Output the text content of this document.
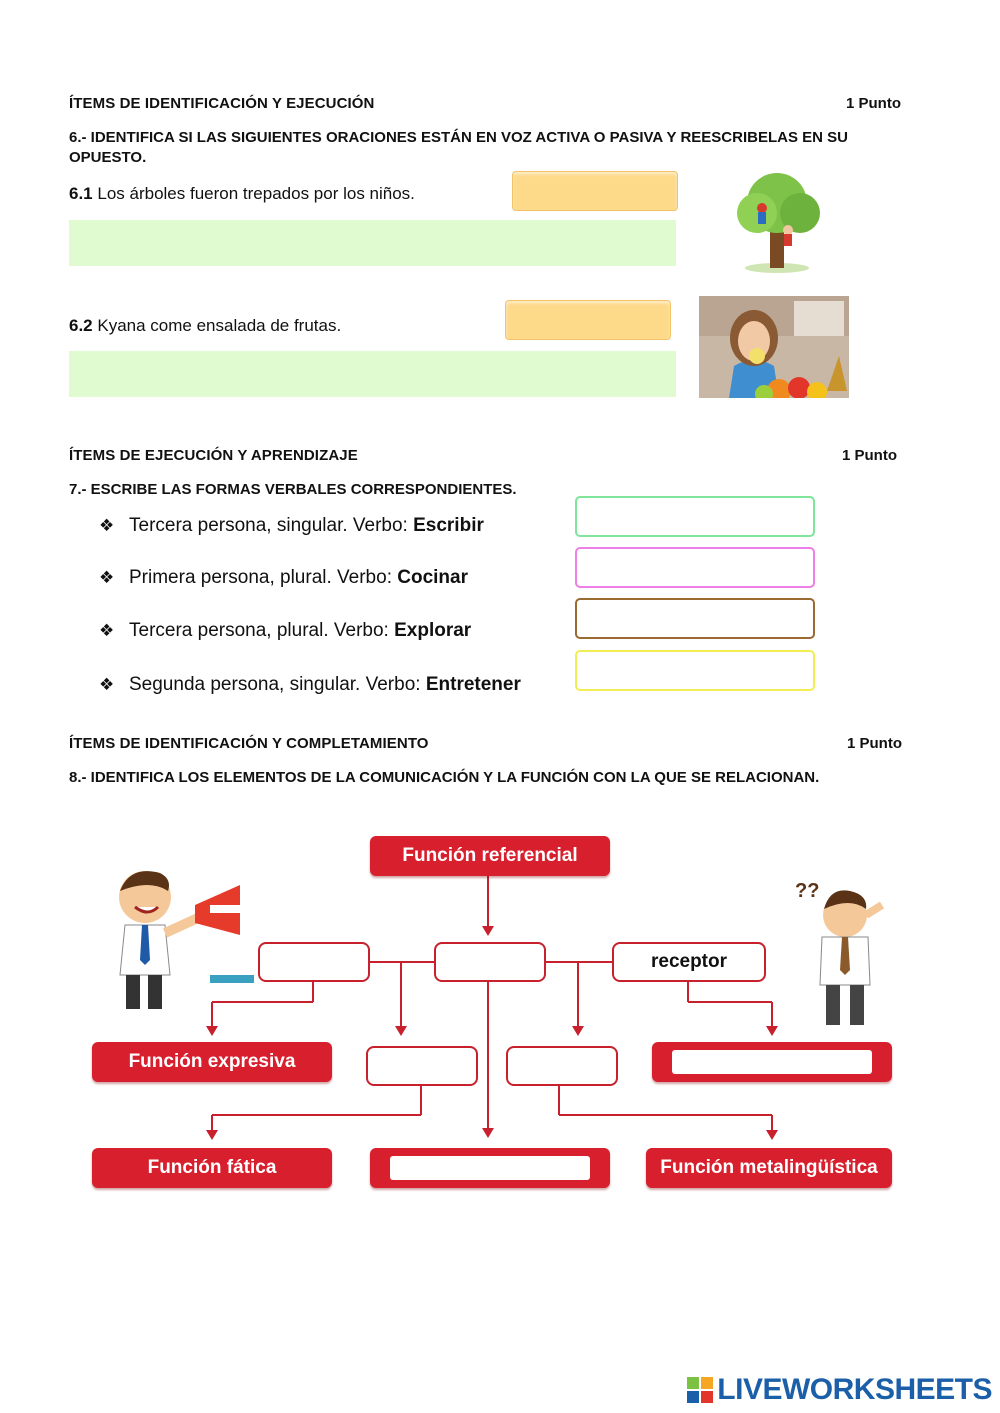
ÍTEMS DE IDENTIFICACIÓN Y EJECUCIÓN	1 Punto
6.- IDENTIFICA SI LAS SIGUIENTES ORACIONES ESTÁN EN VOZ ACTIVA O PASIVA Y REESCRIBELAS EN SU OPUESTO.
6.1 Los árboles fueron trepados por los niños.
6.2 Kyana come ensalada de frutas.
ÍTEMS DE EJECUCIÓN Y APRENDIZAJE	1 Punto
7.- ESCRIBE LAS FORMAS VERBALES CORRESPONDIENTES.
❖ Tercera persona, singular. Verbo: Escribir
❖ Primera persona, plural. Verbo: Cocinar
❖ Tercera persona, plural. Verbo: Explorar
❖ Segunda persona, singular. Verbo: Entretener
ÍTEMS DE IDENTIFICACIÓN Y COMPLETAMIENTO	1 Punto
8.- IDENTIFICA LOS ELEMENTOS DE LA COMUNICACIÓN Y LA FUNCIÓN CON LA QUE SE RELACIONAN.
Función referencial
receptor
Función expresiva
Función fática	Función metalingüística
??
LIVEWORKSHEETS
